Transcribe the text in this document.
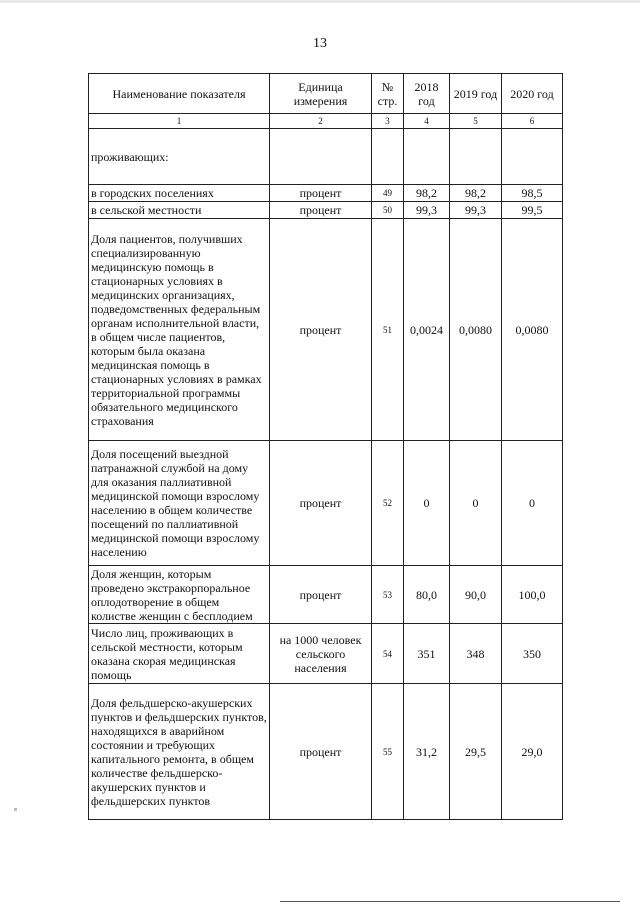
13
Наименование показателя	Единица измерения	№ стр.	2018 год	2019 год	2020 год
1	2	3	4	5	6
проживающих:					
в городских поселениях	процент	49	98,2	98,2	98,5
в сельской местности	процент	50	99,3	99,3	99,5
Доля пациентов, получивших специализированную медицинскую помощь в стационарных условиях в медицинских организациях, подведомственных федеральным органам исполнительной власти, в общем числе пациентов, которым была оказана медицинская помощь в стационарных условиях в рамках территориальной программы обязательного медицинского страхования	процент	51	0,0024	0,0080	0,0080
Доля посещений выездной патранажной службой на дому для оказания паллиативной медицинской помощи взрослому населению в общем количестве посещений по паллиативной медицинской помощи взрослому населению	процент	52	0	0	0
Доля женщин, которым проведено экстракорпоральное оплодотворение в общем колистве женщин с бесплодием	процент	53	80,0	90,0	100,0
Число лиц, проживающих в сельской местности, которым оказана скорая медицинская помощь	на 1000 человек сельского населения	54	351	348	350
Доля фельдшерско-акушерских пунктов и фельдшерских пунктов, находящихся в аварийном состоянии и требующих капитального ремонта, в общем количестве фельдшерско-акушерских пунктов и фельдшерских пунктов	процент	55	31,2	29,5	29,0
